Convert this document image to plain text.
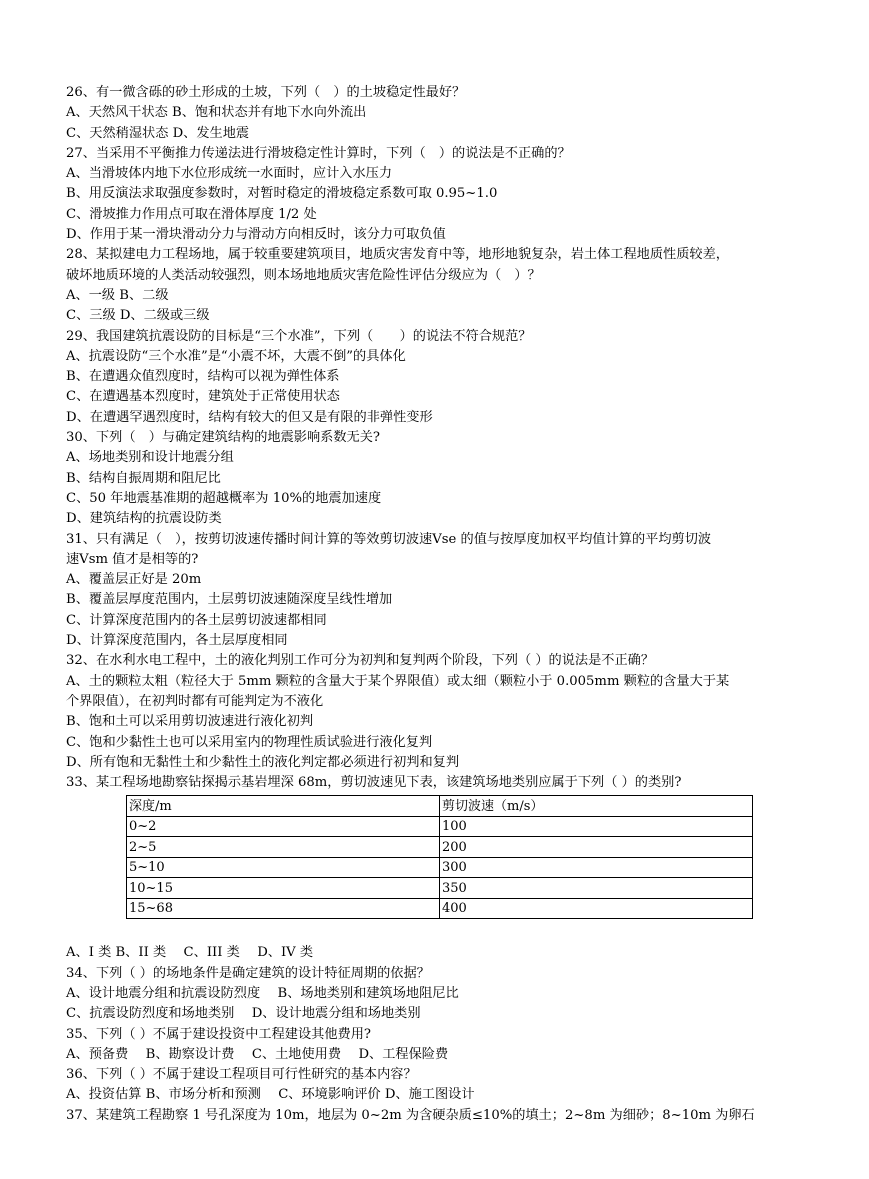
26、有一微含砾的砂土形成的土坡，下列（　）的土坡稳定性最好？
A、天然风干状态 B、饱和状态并有地下水向外流出
C、天然稍湿状态 D、发生地震
27、当采用不平衡推力传递法进行滑坡稳定性计算时，下列（　）的说法是不正确的？
A、当滑坡体内地下水位形成统一水面时，应计入水压力
B、用反演法求取强度参数时，对暂时稳定的滑坡稳定系数可取 0.95~1.0
C、滑坡推力作用点可取在滑体厚度 1/2 处
D、作用于某一滑块滑动分力与滑动方向相反时，该分力可取负值
28、某拟建电力工程场地，属于较重要建筑项目，地质灾害发育中等，地形地貌复杂，岩土体工程地质性质较差，
破坏地质环境的人类活动较强烈，则本场地地质灾害危险性评估分级应为（　）？
A、一级 B、二级
C、三级 D、二级或三级
29、我国建筑抗震设防的目标是“三个水准”，下列（　　）的说法不符合规范？
A、抗震设防“三个水准”是“小震不坏，大震不倒”的具体化
B、在遭遇众值烈度时，结构可以视为弹性体系
C、在遭遇基本烈度时，建筑处于正常使用状态
D、在遭遇罕遇烈度时，结构有较大的但又是有限的非弹性变形
30、下列（　）与确定建筑结构的地震影响系数无关?
A、场地类别和设计地震分组
B、结构自振周期和阻尼比
C、50 年地震基准期的超越概率为 10%的地震加速度
D、建筑结构的抗震设防类
31、只有满足（　），按剪切波速传播时间计算的等效剪切波速Vse 的值与按厚度加权平均值计算的平均剪切波
速Vsm 值才是相等的?
A、覆盖层正好是 20m
B、覆盖层厚度范围内，土层剪切波速随深度呈线性增加
C、计算深度范围内的各土层剪切波速都相同
D、计算深度范围内，各土层厚度相同
32、在水利水电工程中，土的液化判别工作可分为初判和复判两个阶段，下列（ ）的说法是不正确？
A、土的颗粒太粗（粒径大于 5mm 颗粒的含量大于某个界限值）或太细（颗粒小于 0.005mm 颗粒的含量大于某
个界限值），在初判时都有可能判定为不液化
B、饱和土可以采用剪切波速进行液化初判
C、饱和少黏性土也可以采用室内的物理性质试验进行液化复判
D、所有饱和无黏性土和少黏性土的液化判定都必须进行初判和复判
33、某工程场地勘察钻探揭示基岩埋深 68m，剪切波速见下表，该建筑场地类别应属于下列（ ）的类别?
深度/m	剪切波速（m/s）
0~2	100
2~5	200
5~10	300
10~15	350
15~68	400
A、I 类 B、II 类　 C、III 类　 D、IV 类
34、下列（ ）的场地条件是确定建筑的设计特征周期的依据？
A、设计地震分组和抗震设防烈度　 B、场地类别和建筑场地阻尼比
C、抗震设防烈度和场地类别　 D、设计地震分组和场地类别
35、下列（ ）不属于建设投资中工程建设其他费用?
A、预备费　 B、勘察设计费　 C、土地使用费　 D、工程保险费
36、下列（ ）不属于建设工程项目可行性研究的基本内容？
A、投资估算 B、市场分析和预测　 C、环境影响评价 D、施工图设计
37、某建筑工程勘察 1 号孔深度为 10m，地层为 0~2m 为含硬杂质≤10%的填土；2~8m 为细砂；8~10m 为卵石
